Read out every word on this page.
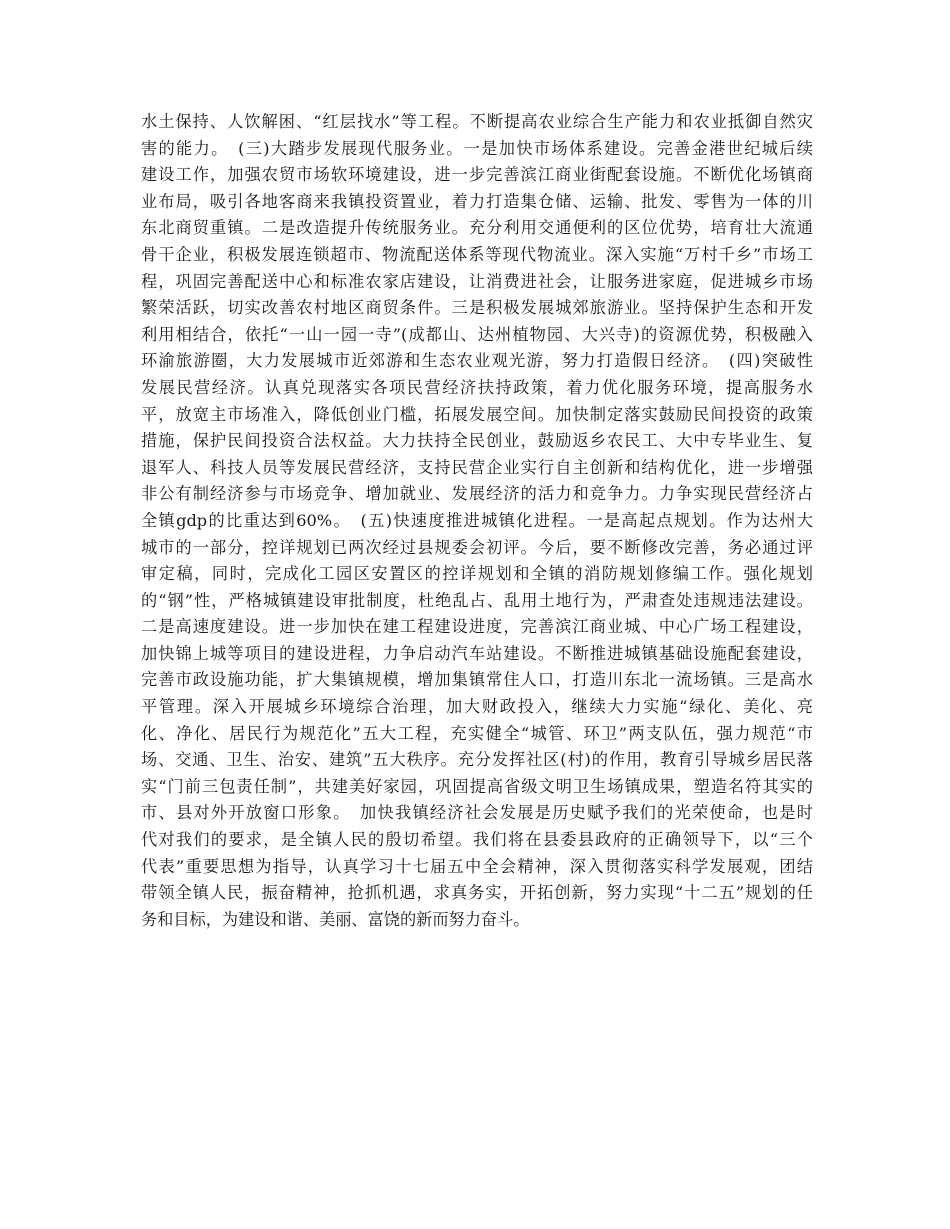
水土保持、人饮解困、“红层找水”等工程。不断提高农业综合生产能力和农业抵御自然灾
害的能力。　(三)大踏步发展现代服务业。一是加快市场体系建设。完善金港世纪城后续
建设工作，加强农贸市场软环境建设，进一步完善滨江商业街配套设施。不断优化场镇商
业布局，吸引各地客商来我镇投资置业，着力打造集仓储、运输、批发、零售为一体的川
东北商贸重镇。二是改造提升传统服务业。充分利用交通便利的区位优势，培育壮大流通
骨干企业，积极发展连锁超市、物流配送体系等现代物流业。深入实施“万村千乡”市场工
程，巩固完善配送中心和标准农家店建设，让消费进社会，让服务进家庭，促进城乡市场
繁荣活跃，切实改善农村地区商贸条件。三是积极发展城郊旅游业。坚持保护生态和开发
利用相结合，依托“一山一园一寺”(成都山、达州植物园、大兴寺)的资源优势，积极融入
环渝旅游圈，大力发展城市近郊游和生态农业观光游，努力打造假日经济。　(四)突破性
发展民营经济。认真兑现落实各项民营经济扶持政策，着力优化服务环境，提高服务水
平，放宽主市场准入，降低创业门槛，拓展发展空间。加快制定落实鼓励民间投资的政策
措施，保护民间投资合法权益。大力扶持全民创业，鼓励返乡农民工、大中专毕业生、复
退军人、科技人员等发展民营经济，支持民营企业实行自主创新和结构优化，进一步增强
非公有制经济参与市场竞争、增加就业、发展经济的活力和竞争力。力争实现民营经济占
全镇gdp的比重达到60%。　(五)快速度推进城镇化进程。一是高起点规划。作为达州大
城市的一部分，控详规划已两次经过县规委会初评。今后，要不断修改完善，务必通过评
审定稿，同时，完成化工园区安置区的控详规划和全镇的消防规划修编工作。强化规划
的“钢”性，严格城镇建设审批制度，杜绝乱占、乱用土地行为，严肃查处违规违法建设。
二是高速度建设。进一步加快在建工程建设进度，完善滨江商业城、中心广场工程建设，
加快锦上城等项目的建设进程，力争启动汽车站建设。不断推进城镇基础设施配套建设，
完善市政设施功能，扩大集镇规模，增加集镇常住人口，打造川东北一流场镇。三是高水
平管理。深入开展城乡环境综合治理，加大财政投入，继续大力实施“绿化、美化、亮
化、净化、居民行为规范化”五大工程，充实健全“城管、环卫”两支队伍，强力规范“市
场、交通、卫生、治安、建筑”五大秩序。充分发挥社区(村)的作用，教育引导城乡居民落
实“门前三包责任制”，共建美好家园，巩固提高省级文明卫生场镇成果，塑造名符其实的
市、县对外开放窗口形象。　加快我镇经济社会发展是历史赋予我们的光荣使命，也是时
代对我们的要求，是全镇人民的殷切希望。我们将在县委县政府的正确领导下，以“三个
代表”重要思想为指导，认真学习十七届五中全会精神，深入贯彻落实科学发展观，团结
带领全镇人民，振奋精神，抢抓机遇，求真务实，开拓创新，努力实现“十二五”规划的任
务和目标，为建设和谐、美丽、富饶的新而努力奋斗。
